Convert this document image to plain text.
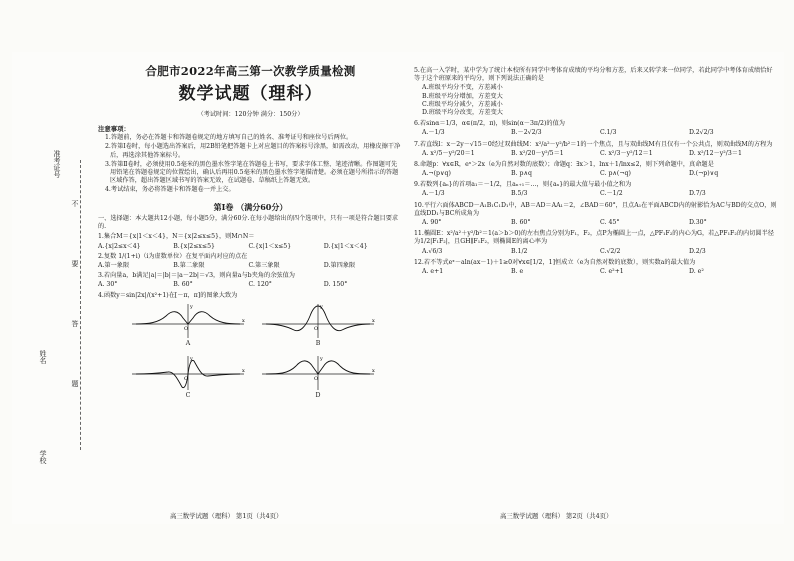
准考证号
姓名
学校
不
要
答
题
合肥市2022年高三第一次教学质量检测
数学试题（理科）
（考试时间：120分钟 满分：150分）
注意事项：
1.答题前，务必在答题卡和答题卷规定的地方填写自己的姓名、准考证号和座位号后两位。
2.答第Ⅰ卷时，每小题选出答案后，用2B铅笔把答题卡上对应题目的答案标号涂黑，如需改动，用橡皮擦干净后，再选涂其他答案标号。
3.答第Ⅱ卷时，必须使用0.5毫米的黑色墨水签字笔在答题卷上书写，要求字体工整、笔迹清晰。作图题可先用铅笔在答题卷规定的位置绘出，确认后再用0.5毫米的黑色墨水签字笔描清楚。必须在题号所指示的答题区域作答，超出答题区域书写的答案无效，在试题卷、草稿纸上答题无效。
4.考试结束，务必将答题卡和答题卷一并上交。
第Ⅰ卷 （满分60分）
一、选择题：本大题共12小题，每小题5分，满分60分.在每小题给出的四个选项中，只有一项是符合题目要求的.
1.集合M＝{x|1＜x＜4}，N＝{x|2≤x≤5}，则M∩N＝
A.{x|2≤x＜4}	B.{x|2≤x≤5}	C.{x|1＜x≤5}	D.{x|1＜x＜4}
2.复数 1/(1+i)（i为虚数单位）在复平面内对应的点在
A.第一象限	B.第二象限	C.第三象限	D.第四象限
3.若向量a，b满足|a|＝|b|＝|a－2b|＝√3，则向量a与b夹角的余弦值为
A. 30°	B. 60°	C. 120°	D. 150°
4.函数y＝sin|2x|/(x²+1)在[－π，π]的图象大致为
x
y
O
A
x
y
O
B
x
y
O
C
x
y
O
D
高三数学试题（理科） 第1页（共4页）
5.在高一入学时，某中学为了统计本校所有同学中考体育成绩的平均分和方差，后来又转学来一位同学，若此同学中考体育成绩恰好等于这个班原来的平均分，则下列说法正确的是
A.班级平均分不变，方差减小
B.班级平均分增加，方差变大
C.班级平均分减少，方差减小
D.班级平均分改变，方差变大
6.若sinα＝1/3，α∈(π/2，π)，则sin(α－3π/2)的值为
A.－1/3	B.－2√2/3	C.1/3	D.2√2/3
7.若直线l：x－2y－√15＝0经过双曲线M：x²/a²－y²/b²＝1的一个焦点，且与双曲线M有且仅有一个公共点，则双曲线M的方程为
A. x²/5－y²/20＝1	B. x²/20－y²/5＝1	C. x²/3－y²/12＝1	D. x²/12－y²/3＝1
8.命题p：∀x∈R，eˣ＞2x（e为自然对数的底数）；命题q：∃x＞1，lnx＋1/lnx≤2，则下列命题中，真命题是
A.¬(p∨q)	B. p∧q	C. p∧(¬q)	D.(¬p)∨q
9.若数列{aₙ}的首项a₁＝－1/2，且aₙ₊₁＝…，则{aₙ}的最大值与最小值之和为
A.－1/3	B.5/3	C.－1/2	D.7/3
10.平行六面体ABCD－A₁B₁C₁D₁中，AB＝AD＝AA₁＝2，∠BAD＝60°，且点A₁在平面ABCD内的射影恰为AC与BD的交点O，则直线DD₁与BC所成角为
A. 90°	B. 60°	C. 45°	D.30°
11.椭圆E：x²/a²＋y²/b²＝1(a＞b＞0)的左右焦点分别为F₁，F₂，点P为椭圆上一点，△PF₁F₂的内心为G，若△PF₁F₂的内切圆半径为1/2|F₁F₂|，且GH∥F₁F₂，则椭圆E的离心率为
A.√6/3	B.1/2	C.√2/2	D.2/3
12.若不等式eˣ－aln(ax－1)＋1≥0对∀x∈[1/2，1]恒成立（e为自然对数的底数），则实数a的最大值为
A. e+1	B. e	C. e²+1	D. e²
高三数学试题（理科） 第2页（共4页）
